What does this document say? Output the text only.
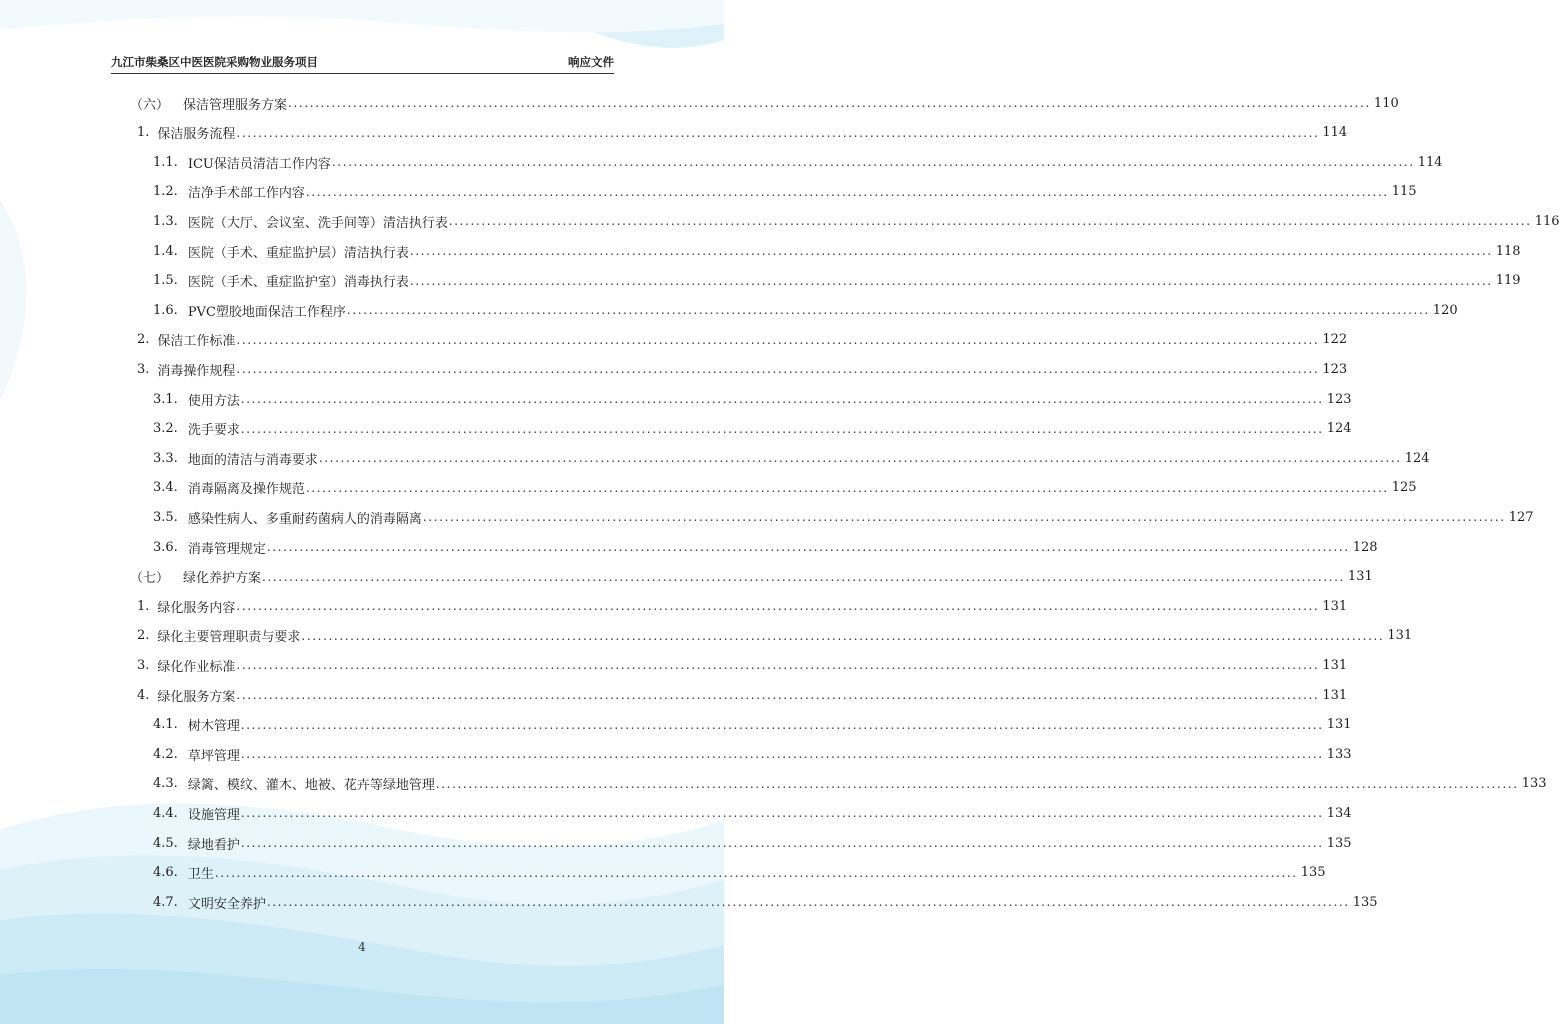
九江市柴桑区中医医院采购物业服务项目	响应文件
（六） 保洁管理服务方案 ........................................................................................................................................................................................................ 110
1. 保洁服务流程 ........................................................................................................................................................................................................ 114
1.1. ICU保洁员清洁工作内容 ........................................................................................................................................................................................................ 114
1.2. 洁净手术部工作内容 ........................................................................................................................................................................................................ 115
1.3. 医院（大厅、会议室、洗手间等）清洁执行表 ........................................................................................................................................................................................................ 116
1.4. 医院（手术、重症监护层）清洁执行表 ........................................................................................................................................................................................................ 118
1.5. 医院（手术、重症监护室）消毒执行表 ........................................................................................................................................................................................................ 119
1.6. PVC塑胶地面保洁工作程序 ........................................................................................................................................................................................................ 120
2. 保洁工作标准 ........................................................................................................................................................................................................ 122
3. 消毒操作规程 ........................................................................................................................................................................................................ 123
3.1. 使用方法 ........................................................................................................................................................................................................ 123
3.2. 洗手要求 ........................................................................................................................................................................................................ 124
3.3. 地面的清洁与消毒要求 ........................................................................................................................................................................................................ 124
3.4. 消毒隔离及操作规范 ........................................................................................................................................................................................................ 125
3.5. 感染性病人、多重耐药菌病人的消毒隔离 ........................................................................................................................................................................................................ 127
3.6. 消毒管理规定 ........................................................................................................................................................................................................ 128
（七） 绿化养护方案 ........................................................................................................................................................................................................ 131
1. 绿化服务内容 ........................................................................................................................................................................................................ 131
2. 绿化主要管理职责与要求 ........................................................................................................................................................................................................ 131
3. 绿化作业标准 ........................................................................................................................................................................................................ 131
4. 绿化服务方案 ........................................................................................................................................................................................................ 131
4.1. 树木管理 ........................................................................................................................................................................................................ 131
4.2. 草坪管理 ........................................................................................................................................................................................................ 133
4.3. 绿篱、模纹、灌木、地被、花卉等绿地管理 ........................................................................................................................................................................................................ 133
4.4. 设施管理 ........................................................................................................................................................................................................ 134
4.5. 绿地看护 ........................................................................................................................................................................................................ 135
4.6. 卫生 ........................................................................................................................................................................................................ 135
4.7. 文明安全养护 ........................................................................................................................................................................................................ 135
4
